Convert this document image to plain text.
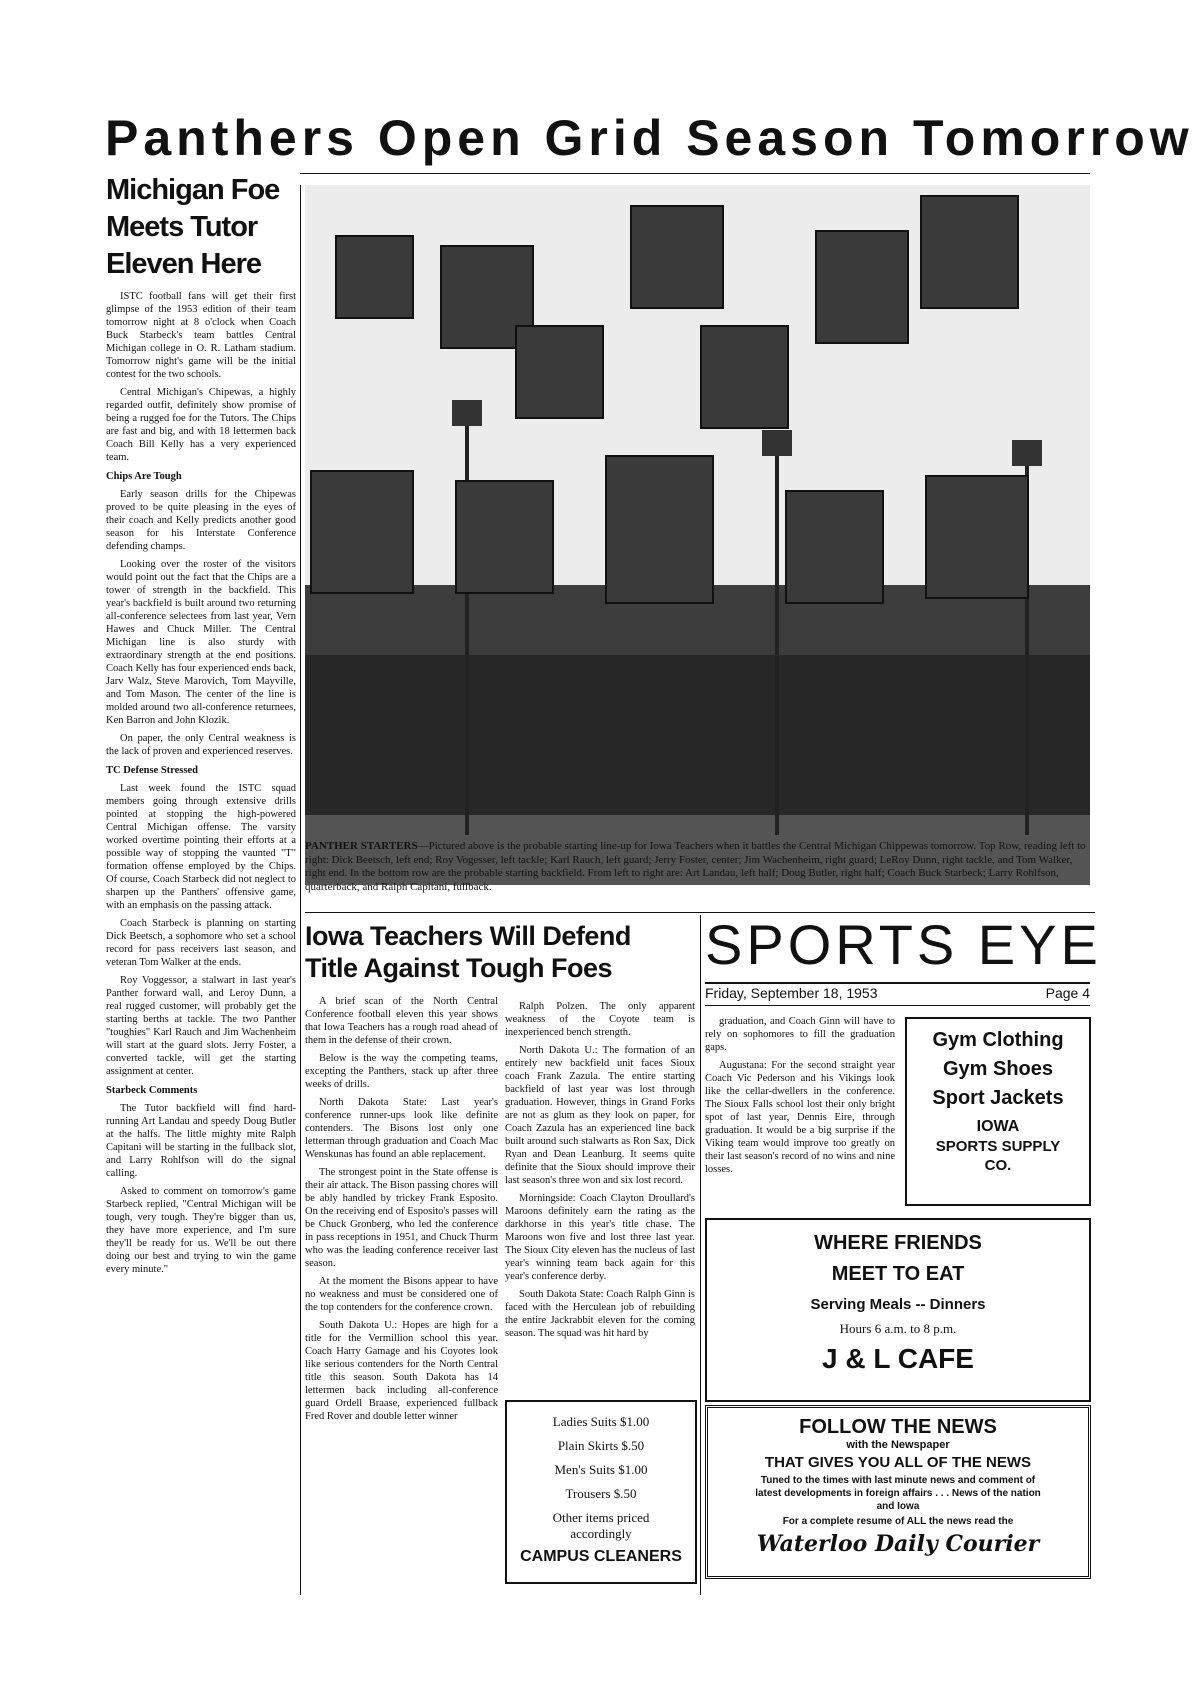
Panthers Open Grid Season Tomorrow
Michigan Foe
Meets Tutor
Eleven Here

ISTC football fans will get their first glimpse of the 1953 edition of their team tomorrow night at 8 o'clock when Coach Buck Starbeck's team battles Central Michigan college in O. R. Latham stadium. Tomorrow night's game will be the initial contest for the two schools.

Central Michigan's Chipewas, a highly regarded outfit, definitely show promise of being a rugged foe for the Tutors. The Chips are fast and big, and with 18 lettermen back Coach Bill Kelly has a very experienced team.

Chips Are Tough

Early season drills for the Chipewas proved to be quite pleasing in the eyes of their coach and Kelly predicts another good season for his Interstate Conference defending champs.

Looking over the roster of the visitors would point out the fact that the Chips are a tower of strength in the backfield. This year's backfield is built around two returning all-conference selectees from last year, Vern Hawes and Chuck Miller. The Central Michigan line is also sturdy with extraordinary strength at the end positions. Coach Kelly has four experienced ends back, Jarv Walz, Steve Marovich, Tom Mayville, and Tom Mason. The center of the line is molded around two all-conference returnees, Ken Barron and John Klozik.

On paper, the only Central weakness is the lack of proven and experienced reserves.

TC Defense Stressed

Last week found the ISTC squad members going through extensive drills pointed at stopping the high-powered Central Michigan offense. The varsity worked overtime pointing their efforts at a possible way of stopping the vaunted "T" formation offense employed by the Chips. Of course, Coach Starbeck did not neglect to sharpen up the Panthers' offensive game, with an emphasis on the passing attack.

Coach Starbeck is planning on starting Dick Beetsch, a sophomore who set a school record for pass receivers last season, and veteran Tom Walker at the ends.

Roy Voggessor, a stalwart in last year's Panther forward wall, and Leroy Dunn, a real rugged customer, will probably get the starting berths at tackle. The two Panther "toughies" Karl Rauch and Jim Wachenheim will start at the guard slots. Jerry Foster, a converted tackle, will get the starting assignment at center.

Starbeck Comments

The Tutor backfield will find hard-running Art Landau and speedy Doug Butler at the halfs. The little mighty mite Ralph Capitani will be starting in the fullback slot, and Larry Rohlfson will do the signal calling.

Asked to comment on tomorrow's game Starbeck replied, "Central Michigan will be tough, very tough. They're bigger than us, they have more experience, and I'm sure they'll be ready for us. We'll be out there doing our best and trying to win the game every minute."

PANTHER STARTERS—Pictured above is the probable starting line-up for Iowa Teachers when it battles the Central Michigan Chippewas tomorrow. Top Row, reading left to right: Dick Beetsch, left end; Roy Vogesser, left tackle; Karl Rauch, left guard; Jerry Foster, center; Jim Wachenheim, right guard; LeRoy Dunn, right tackle, and Tom Walker, right end. In the bottom row are the probable starting backfield. From left to right are: Art Landau, left half; Doug Butler, right half; Coach Buck Starbeck; Larry Rohlfson, quarterback, and Ralph Capitani, fullback.
Iowa Teachers Will Defend
Title Against Tough Foes	SPORTS EYE
Friday, September 18, 1953	Page 4

A brief scan of the North Central Conference football eleven this year shows that Iowa Teachers has a rough road ahead of them in the defense of their crown.

Below is the way the competing teams, excepting the Panthers, stack up after three weeks of drills.

North Dakota State: Last year's conference runner-ups look like definite contenders. The Bisons lost only one letterman through graduation and Coach Mac Wenskunas has found an able replacement.

The strongest point in the State offense is their air attack. The Bison passing chores will be ably handled by trickey Frank Esposito. On the receiving end of Esposito's passes will be Chuck Gronberg, who led the conference in pass receptions in 1951, and Chuck Thurm who was the leading conference receiver last season.

At the moment the Bisons appear to have no weakness and must be considered one of the top contenders for the conference crown.

South Dakota U.: Hopes are high for a title for the Vermillion school this year. Coach Harry Gamage and his Coyotes look like serious contenders for the North Central title this season. South Dakota has 14 lettermen back including all-conference guard Ordell Braase, experienced fullback Fred Rover and double letter winner

Ralph Polzen. The only apparent weakness of the Coyote team is inexperienced bench strength.

North Dakota U.: The formation of an entirely new backfield unit faces Sioux coach Frank Zazula. The entire starting backfield of last year was lost through graduation. However, things in Grand Forks are not as glum as they look on paper, for Coach Zazula has an experienced line back built around such stalwarts as Ron Sax, Dick Ryan and Dean Leanburg. It seems quite definite that the Sioux should improve their last season's three won and six lost record.

Morningside: Coach Clayton Droullard's Maroons definitely earn the rating as the darkhorse in this year's title chase. The Maroons won five and lost three last year. The Sioux City eleven has the nucleus of last year's winning team back again for this year's conference derby.

South Dakota State: Coach Ralph Ginn is faced with the Herculean job of rebuilding the entire Jackrabbit eleven for the coming season. The squad was hit hard by

graduation, and Coach Ginn will have to rely on sophomores to fill the graduation gaps.

Augustana: For the second straight year Coach Vic Pederson and his Vikings look like the cellar-dwellers in the conference. The Sioux Falls school lost their only bright spot of last year, Dennis Eire, through graduation. It would be a big surprise if the Viking team would improve too greatly on their last season's record of no wins and nine losses.

Gym Clothing
Gym Shoes
Sport Jackets
IOWA
SPORTS SUPPLY
CO.
WHERE FRIENDS
MEET TO EAT
Serving Meals -- Dinners
Hours 6 a.m. to 8 p.m.
J & L CAFE
Ladies Suits $1.00
Plain Skirts $.50
Men's Suits $1.00
Trousers $.50
Other items priced accordingly
CAMPUS CLEANERS
FOLLOW THE NEWS
with the Newspaper
THAT GIVES YOU ALL OF THE NEWS
Tuned to the times with last minute news and comment of latest developments in foreign affairs . . . News of the nation and Iowa
For a complete resume of ALL the news read the
Waterloo Daily Courier
